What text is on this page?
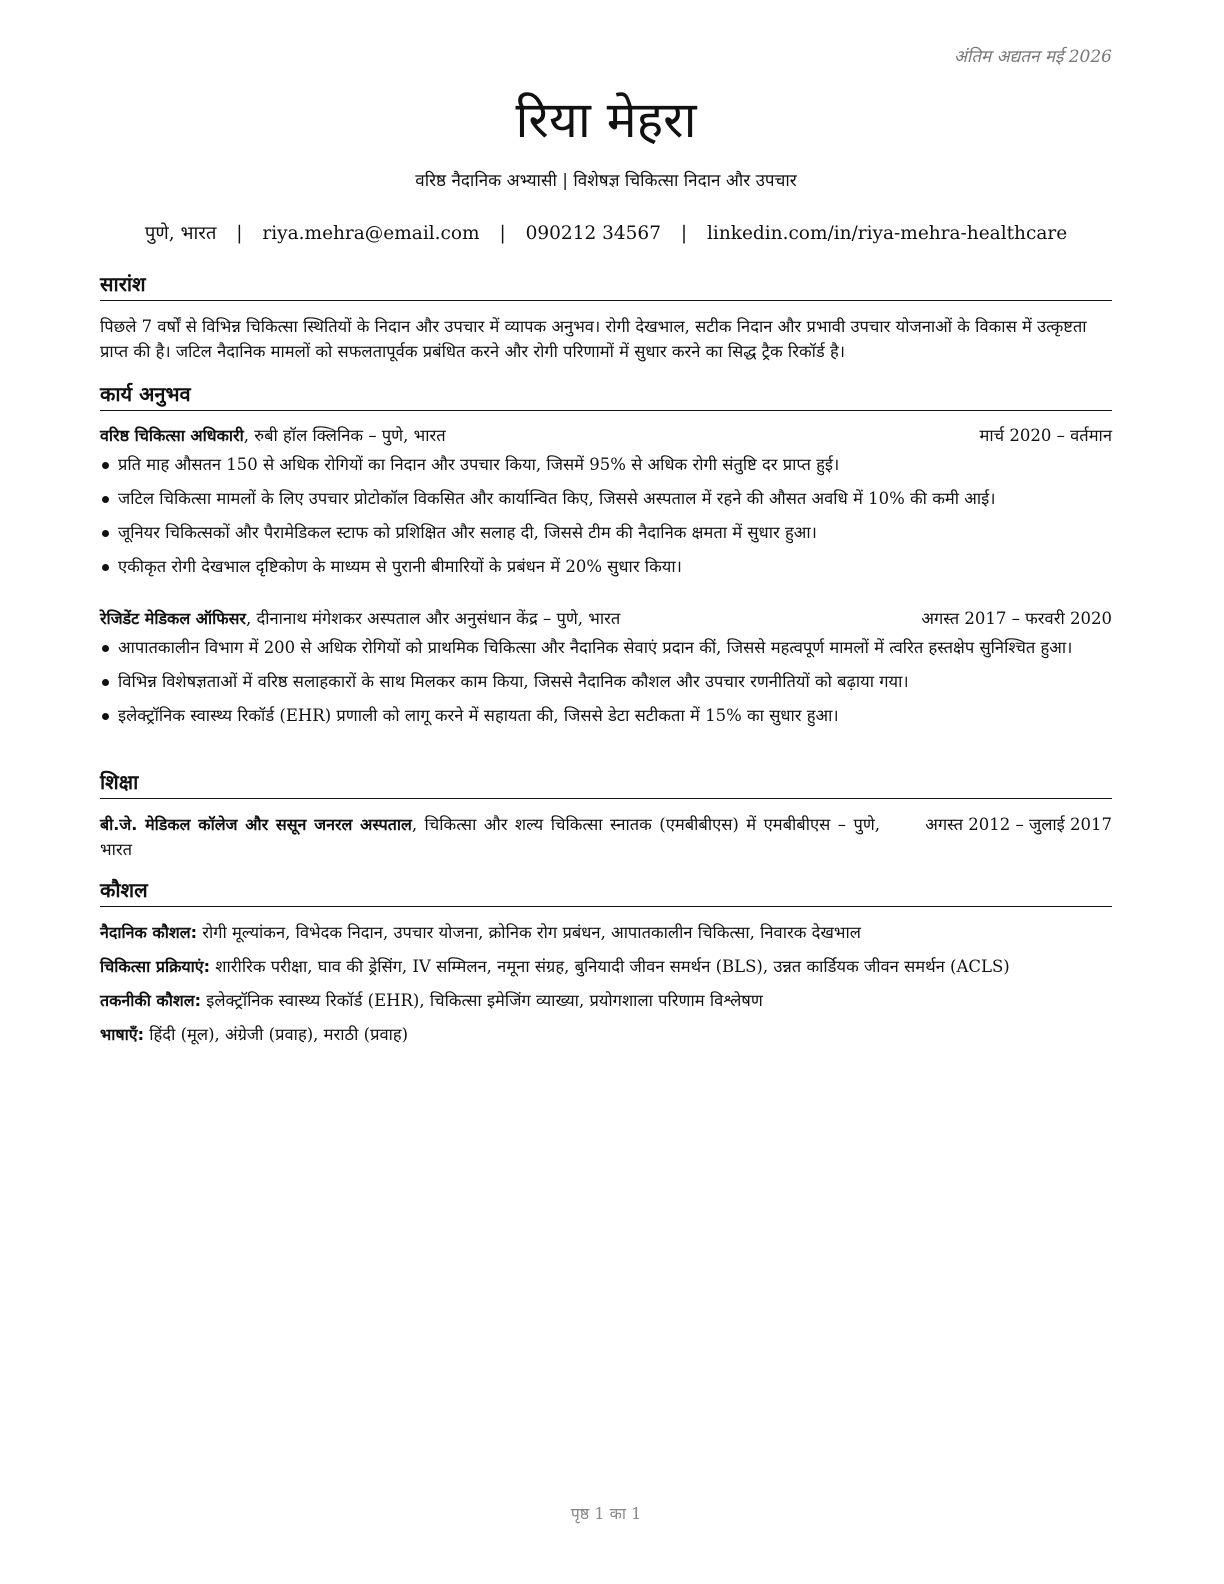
अंतिम अद्यतन मई 2026
रिया मेहरा
वरिष्ठ नैदानिक अभ्यासी | विशेषज्ञ चिकित्सा निदान और उपचार
पुणे, भारत | riya.mehra@email.com | 090212 34567 | linkedin.com/in/riya-mehra-healthcare
सारांश

पिछले 7 वर्षों से विभिन्न चिकित्सा स्थितियों के निदान और उपचार में व्यापक अनुभव। रोगी देखभाल, सटीक निदान और प्रभावी उपचार योजनाओं के विकास में उत्कृष्टता प्राप्त की है। जटिल नैदानिक मामलों को सफलतापूर्वक प्रबंधित करने और रोगी परिणामों में सुधार करने का सिद्ध ट्रैक रिकॉर्ड है।

कार्य अनुभव
वरिष्ठ चिकित्सा अधिकारी, रुबी हॉल क्लिनिक – पुणे, भारत	मार्च 2020 – वर्तमान
प्रति माह औसतन 150 से अधिक रोगियों का निदान और उपचार किया, जिसमें 95% से अधिक रोगी संतुष्टि दर प्राप्त हुई।
जटिल चिकित्सा मामलों के लिए उपचार प्रोटोकॉल विकसित और कार्यान्वित किए, जिससे अस्पताल में रहने की औसत अवधि में 10% की कमी आई।
जूनियर चिकित्सकों और पैरामेडिकल स्टाफ को प्रशिक्षित और सलाह दी, जिससे टीम की नैदानिक क्षमता में सुधार हुआ।
एकीकृत रोगी देखभाल दृष्टिकोण के माध्यम से पुरानी बीमारियों के प्रबंधन में 20% सुधार किया।
रेजिडेंट मेडिकल ऑफिसर, दीनानाथ मंगेशकर अस्पताल और अनुसंधान केंद्र – पुणे, भारत	अगस्त 2017 – फरवरी 2020
आपातकालीन विभाग में 200 से अधिक रोगियों को प्राथमिक चिकित्सा और नैदानिक सेवाएं प्रदान कीं, जिससे महत्वपूर्ण मामलों में त्वरित हस्तक्षेप सुनिश्चित हुआ।
विभिन्न विशेषज्ञताओं में वरिष्ठ सलाहकारों के साथ मिलकर काम किया, जिससे नैदानिक कौशल और उपचार रणनीतियों को बढ़ाया गया।
इलेक्ट्रॉनिक स्वास्थ्य रिकॉर्ड (EHR) प्रणाली को लागू करने में सहायता की, जिससे डेटा सटीकता में 15% का सुधार हुआ।
शिक्षा
बी.जे. मेडिकल कॉलेज और ससून जनरल अस्पताल, चिकित्सा और शल्य चिकित्सा स्नातक (एमबीबीएस) में एमबीबीएस – पुणे, भारत
अगस्त 2012 – जुलाई 2017
कौशल
नैदानिक कौशल: रोगी मूल्यांकन, विभेदक निदान, उपचार योजना, क्रोनिक रोग प्रबंधन, आपातकालीन चिकित्सा, निवारक देखभाल
चिकित्सा प्रक्रियाएं: शारीरिक परीक्षा, घाव की ड्रेसिंग, IV सम्मिलन, नमूना संग्रह, बुनियादी जीवन समर्थन (BLS), उन्नत कार्डियक जीवन समर्थन (ACLS)
तकनीकी कौशल: इलेक्ट्रॉनिक स्वास्थ्य रिकॉर्ड (EHR), चिकित्सा इमेजिंग व्याख्या, प्रयोगशाला परिणाम विश्लेषण
भाषाएँ: हिंदी (मूल), अंग्रेजी (प्रवाह), मराठी (प्रवाह)
पृष्ठ 1 का 1
